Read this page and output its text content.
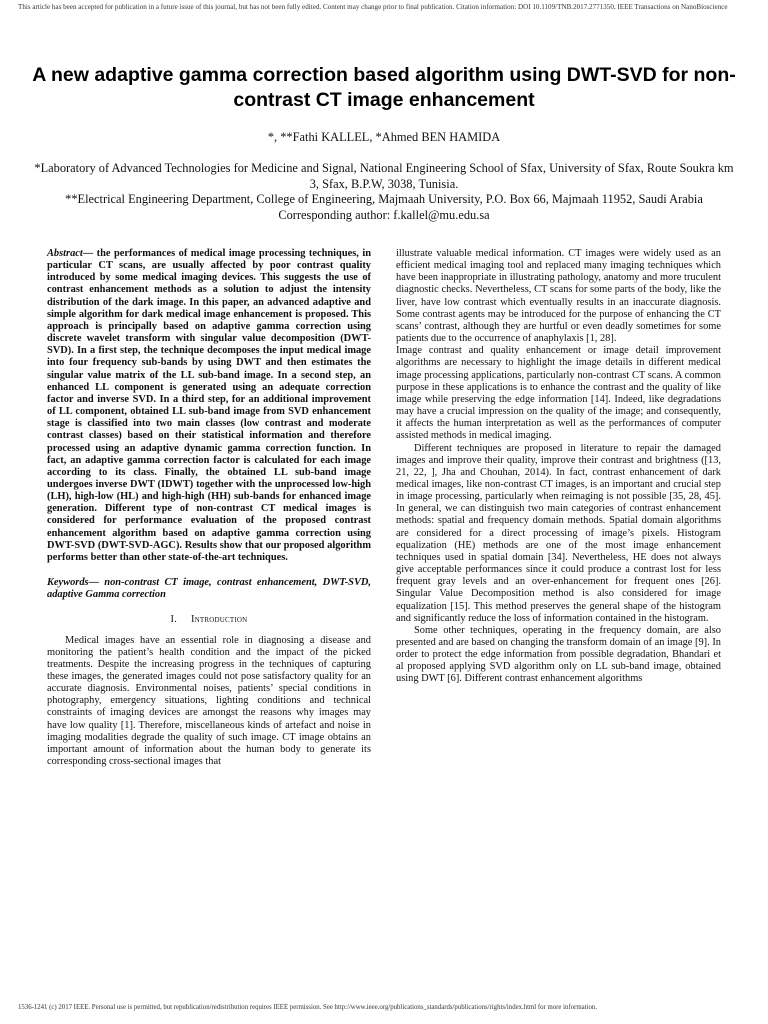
This article has been accepted for publication in a future issue of this journal, but has not been fully edited. Content may change prior to final publication. Citation information: DOI 10.1109/TNB.2017.2771350, IEEE Transactions on NanoBioscience
A new adaptive gamma correction based algorithm using DWT-SVD for non-contrast CT image enhancement
*, **Fathi KALLEL, *Ahmed BEN HAMIDA

*Laboratory of Advanced Technologies for Medicine and Signal, National Engineering School of Sfax, University of Sfax, Route Soukra km 3, Sfax, B.P.W, 3038, Tunisia.

**Electrical Engineering Department, College of Engineering, Majmaah University, P.O. Box 66, Majmaah 11952, Saudi Arabia

Corresponding author: f.kallel@mu.edu.sa

Abstract— the performances of medical image processing techniques, in particular CT scans, are usually affected by poor contrast quality introduced by some medical imaging devices. This suggests the use of contrast enhancement methods as a solution to adjust the intensity distribution of the dark image. In this paper, an advanced adaptive and simple algorithm for dark medical image enhancement is proposed. This approach is principally based on adaptive gamma correction using discrete wavelet transform with singular value decomposition (DWT-SVD). In a first step, the technique decomposes the input medical image into four frequency sub-bands by using DWT and then estimates the singular value matrix of the LL sub-band image. In a second step, an enhanced LL component is generated using an adequate correction factor and inverse SVD. In a third step, for an additional improvement of LL component, obtained LL sub-band image from SVD enhancement stage is classified into two main classes (low contrast and moderate contrast classes) based on their statistical information and therefore processed using an adaptive dynamic gamma correction function. In fact, an adaptive gamma correction factor is calculated for each image according to its class. Finally, the obtained LL sub-band image undergoes inverse DWT (IDWT) together with the unprocessed low-high (LH), high-low (HL) and high-high (HH) sub-bands for enhanced image generation. Different type of non-contrast CT medical images is considered for performance evaluation of the proposed contrast enhancement algorithm based on adaptive gamma correction using DWT-SVD (DWT-SVD-AGC). Results show that our proposed algorithm performs better than other state-of-the-art techniques.

Keywords— non-contrast CT image, contrast enhancement, DWT-SVD, adaptive Gamma correction

I. Introduction

Medical images have an essential role in diagnosing a disease and monitoring the patient’s health condition and the impact of the picked treatments. Despite the increasing progress in the techniques of capturing these images, the generated images could not pose satisfactory quality for an accurate diagnosis. Environmental noises, patients’ special conditions in photography, emergency situations, lighting conditions and technical constraints of imaging devices are amongst the reasons why images may have low quality [1]. Therefore, miscellaneous kinds of artefact and noise in imaging modalities degrade the quality of such image. CT image obtains an important amount of information about the human body to generate its corresponding cross-sectional images that

illustrate valuable medical information. CT images were widely used as an efficient medical imaging tool and replaced many imaging techniques which have been inappropriate in illustrating pathology, anatomy and more truculent diagnostic checks. Nevertheless, CT scans for some parts of the body, like the liver, have low contrast which eventually results in an inaccurate diagnosis. Some contrast agents may be introduced for the purpose of enhancing the CT scans’ contrast, although they are hurtful or even deadly sometimes for some patients due to the occurrence of anaphylaxis [1, 28].

Image contrast and quality enhancement or image detail improvement algorithms are necessary to highlight the image details in different medical image processing applications, particularly non-contrast CT scans. A common purpose in these applications is to enhance the contrast and the quality of like image while preserving the edge information [14]. Indeed, like degradations may have a crucial impression on the quality of the image; and consequently, it affects the human interpretation as well as the performances of computer assisted methods in medical imaging.

Different techniques are proposed in literature to repair the damaged images and improve their quality, improve their contrast and brightness ([13, 21, 22, ], Jha and Chouhan, 2014). In fact, contrast enhancement of dark medical images, like non-contrast CT images, is an important and crucial step in image processing, particularly when reimaging is not possible [35, 28, 45]. In general, we can distinguish two main categories of contrast enhancement methods: spatial and frequency domain methods. Spatial domain algorithms are considered for a direct processing of image’s pixels. Histogram equalization (HE) methods are one of the most image enhancement techniques used in spatial domain [34]. Nevertheless, HE does not always give acceptable performances since it could produce a contrast lost for less frequent gray levels and an over-enhancement for frequent ones [26]. Singular Value Decomposition method is also considered for image equalization [15]. This method preserves the general shape of the histogram and significantly reduce the loss of information contained in the histogram.

Some other techniques, operating in the frequency domain, are also presented and are based on changing the transform domain of an image [9]. In order to protect the edge information from possible degradation, Bhandari et al proposed applying SVD algorithm only on LL sub-band image, obtained using DWT [6]. Different contrast enhancement algorithms

1536-1241 (c) 2017 IEEE. Personal use is permitted, but republication/redistribution requires IEEE permission. See http://www.ieee.org/publications_standards/publications/rights/index.html for more information.
